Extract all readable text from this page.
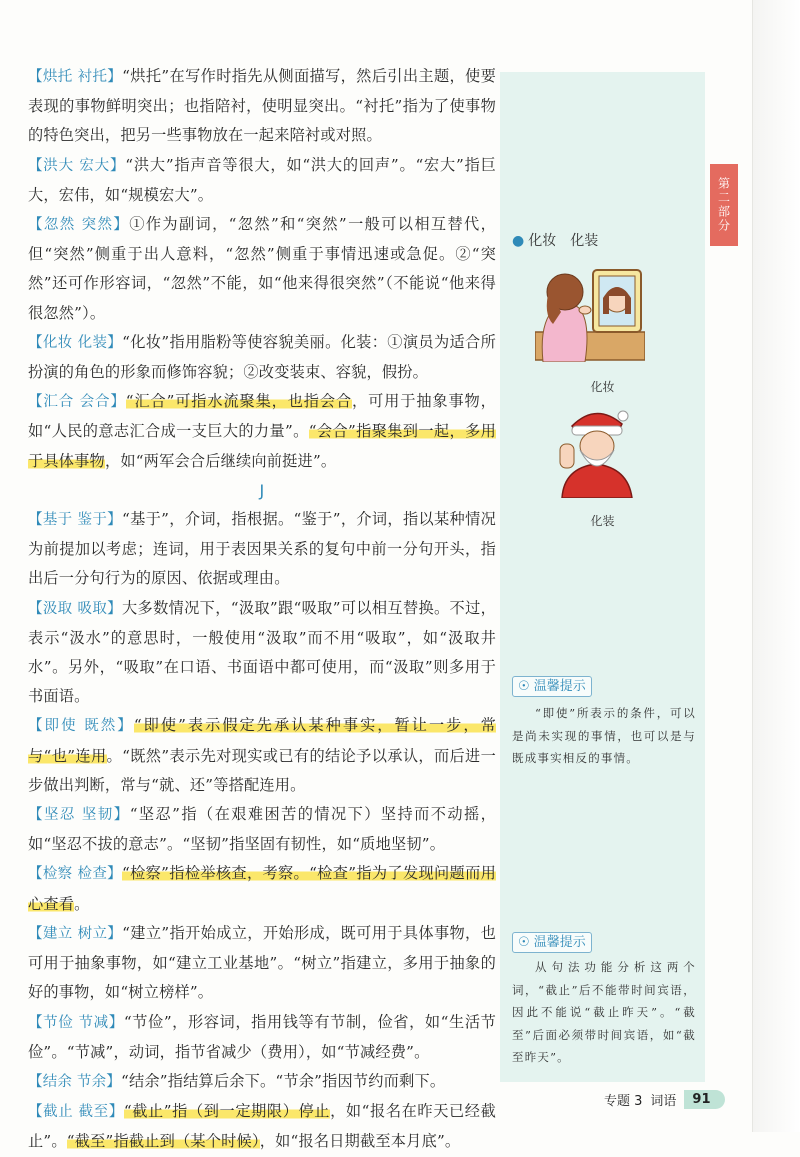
第二部分

【烘托 衬托】“烘托”在写作时指先从侧面描写，然后引出主题，使要表现的事物鲜明突出；也指陪衬，使明显突出。“衬托”指为了使事物的特色突出，把另一些事物放在一起来陪衬或对照。

【洪大 宏大】“洪大”指声音等很大，如“洪大的回声”。“宏大”指巨大，宏伟，如“规模宏大”。

【忽然 突然】①作为副词，“忽然”和“突然”一般可以相互替代，但“突然”侧重于出人意料，“忽然”侧重于事情迅速或急促。②“突然”还可作形容词，“忽然”不能，如“他来得很突然”（不能说“他来得很忽然”）。

【化妆 化装】“化妆”指用脂粉等使容貌美丽。化装：①演员为适合所扮演的角色的形象而修饰容貌；②改变装束、容貌，假扮。

【汇合 会合】“汇合”可指水流聚集，也指会合，可用于抽象事物，如“人民的意志汇合成一支巨大的力量”。“会合”指聚集到一起，多用于具体事物，如“两军会合后继续向前挺进”。

J

【基于 鉴于】“基于”，介词，指根据。“鉴于”，介词，指以某种情况为前提加以考虑；连词，用于表因果关系的复句中前一分句开头，指出后一分句行为的原因、依据或理由。

【汲取 吸取】大多数情况下，“汲取”跟“吸取”可以相互替换。不过，表示“汲水”的意思时，一般使用“汲取”而不用“吸取”，如“汲取井水”。另外，“吸取”在口语、书面语中都可使用，而“汲取”则多用于书面语。

【即使 既然】“即使”表示假定先承认某种事实，暂让一步，常与“也”连用。“既然”表示先对现实或已有的结论予以承认，而后进一步做出判断，常与“就、还”等搭配连用。

【坚忍 坚韧】“坚忍”指（在艰难困苦的情况下）坚持而不动摇，如“坚忍不拔的意志”。“坚韧”指坚固有韧性，如“质地坚韧”。

【检察 检查】“检察”指检举核查，考察。“检查”指为了发现问题而用心查看。

【建立 树立】“建立”指开始成立，开始形成，既可用于具体事物，也可用于抽象事物，如“建立工业基地”。“树立”指建立，多用于抽象的好的事物，如“树立榜样”。

【节俭 节减】“节俭”，形容词，指用钱等有节制，俭省，如“生活节俭”。“节减”，动词，指节省减少（费用），如“节减经费”。

【结余 节余】“结余”指结算后余下。“节余”指因节约而剩下。

【截止 截至】“截止”指（到一定期限）停止，如“报名在昨天已经截止”。“截至”指截止到（某个时候），如“报名日期截至本月底”。

● 化妆　化装
化妆
化装
☉ 温馨提示
“即使”所表示的条件，可以是尚未实现的事情，也可以是与既成事实相反的事情。
☉ 温馨提示
从句法功能分析这两个词，“截止”后不能带时间宾语，因此不能说“截止昨天”。“截至”后面必须带时间宾语，如“截至昨天”。
专题 3 词语	91
